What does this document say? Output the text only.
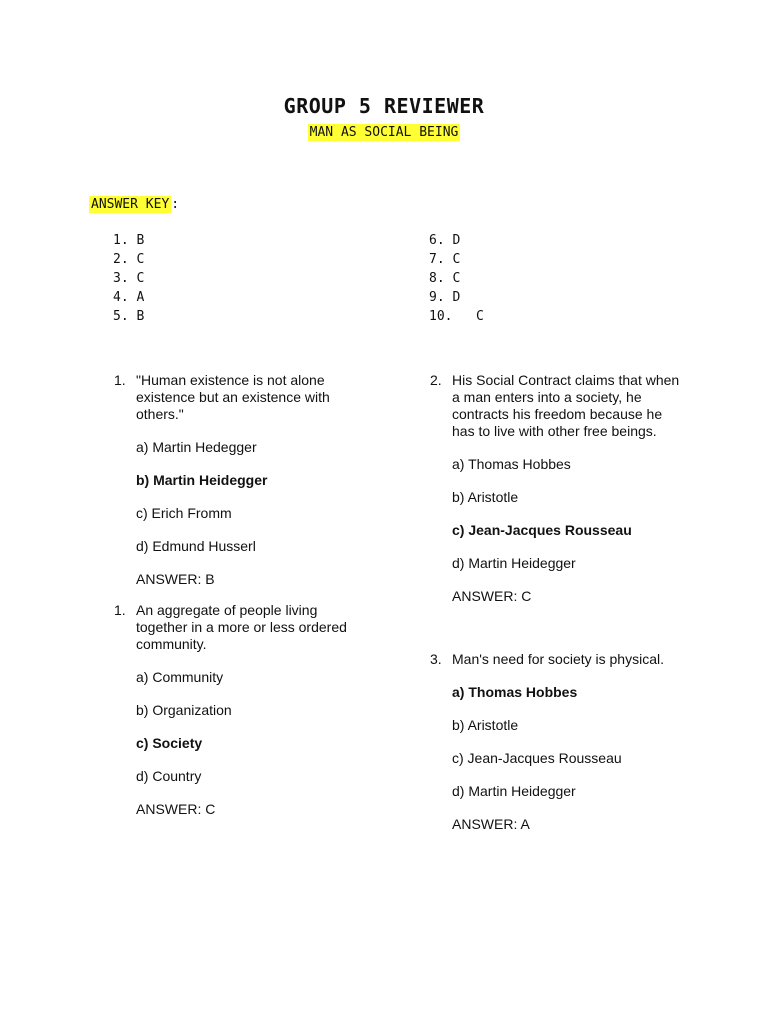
GROUP 5 REVIEWER
MAN AS SOCIAL BEING
ANSWER KEY :
1. B
2. C
3. C
4. A
5. B
6. D
7. C
8. C
9. D
10.   C
1. "Human existence is not alone existence but an existence with others."

a) Martin Hedegger

b) Martin Heidegger

c) Erich Fromm

d) Edmund Husserl

ANSWER: B

1. An aggregate of people living together in a more or less ordered community.

a) Community

b) Organization

c) Society

d) Country

ANSWER: C

2. His Social Contract claims that when a man enters into a society, he contracts his freedom because he has to live with other free beings.

a) Thomas Hobbes

b) Aristotle

c) Jean-Jacques Rousseau

d) Martin Heidegger

ANSWER: C

3. Man's need for society is physical.

a) Thomas Hobbes

b) Aristotle

c) Jean-Jacques Rousseau

d) Martin Heidegger

ANSWER: A
